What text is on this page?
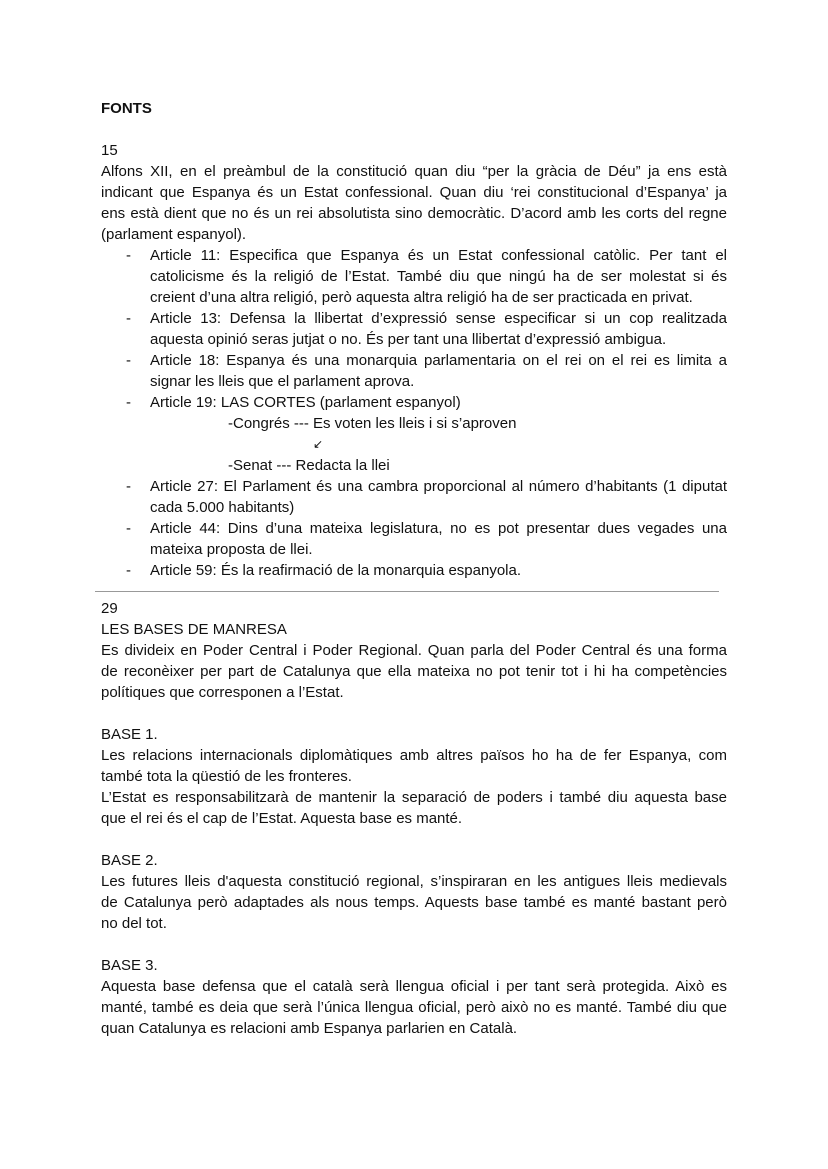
FONTS
15
Alfons XII, en el preàmbul de la constitució quan diu “per la gràcia de Déu” ja ens està
indicant que Espanya és un Estat confessional. Quan diu ‘rei constitucional d’Espanya’ ja
ens està dient que no és un rei absolutista sino democràtic. D’acord amb les corts del regne
(parlament espanyol).
- Article 11: Especifica que Espanya és un Estat confessional catòlic. Per tant el
catolicisme és la religió de l’Estat. També diu que ningú ha de ser molestat si és
creient d’una altra religió, però aquesta altra religió ha de ser practicada en privat.
- Article 13: Defensa la llibertat d’expressió sense especificar si un cop realitzada
aquesta opinió seras jutjat o no. És per tant una llibertat d’expressió ambigua.
- Article 18: Espanya és una monarquia parlamentaria on el rei on el rei es limita a
signar les lleis que el parlament aprova.
- Article 19: LAS CORTES (parlament espanyol)
-Congrés --- Es voten les lleis i si s’aproven
↙
-Senat --- Redacta la llei
- Article 27: El Parlament és una cambra proporcional al número d’habitants (1 diputat
cada 5.000 habitants)
- Article 44: Dins d’una mateixa legislatura, no es pot presentar dues vegades una
mateixa proposta de llei.
- Article 59: És la reafirmació de la monarquia espanyola.
29
LES BASES DE MANRESA
Es divideix en Poder Central i Poder Regional. Quan parla del Poder Central és una forma
de reconèixer per part de Catalunya que ella mateixa no pot tenir tot i hi ha competències
polítiques que corresponen a l’Estat.
BASE 1.
Les relacions internacionals diplomàtiques amb altres països ho ha de fer Espanya, com
també tota la qüestió de les fronteres.
L’Estat es responsabilitzarà de mantenir la separació de poders i també diu aquesta base
que el rei és el cap de l’Estat. Aquesta base es manté.
BASE 2.
Les futures lleis d'aquesta constitució regional, s’inspiraran en les antigues lleis medievals
de Catalunya però adaptades als nous temps. Aquests base també es manté bastant però
no del tot.
BASE 3.
Aquesta base defensa que el català serà llengua oficial i per tant serà protegida. Això es
manté, també es deia que serà l’única llengua oficial, però això no es manté. També diu que
quan Catalunya es relacioni amb Espanya parlarien en Català.
